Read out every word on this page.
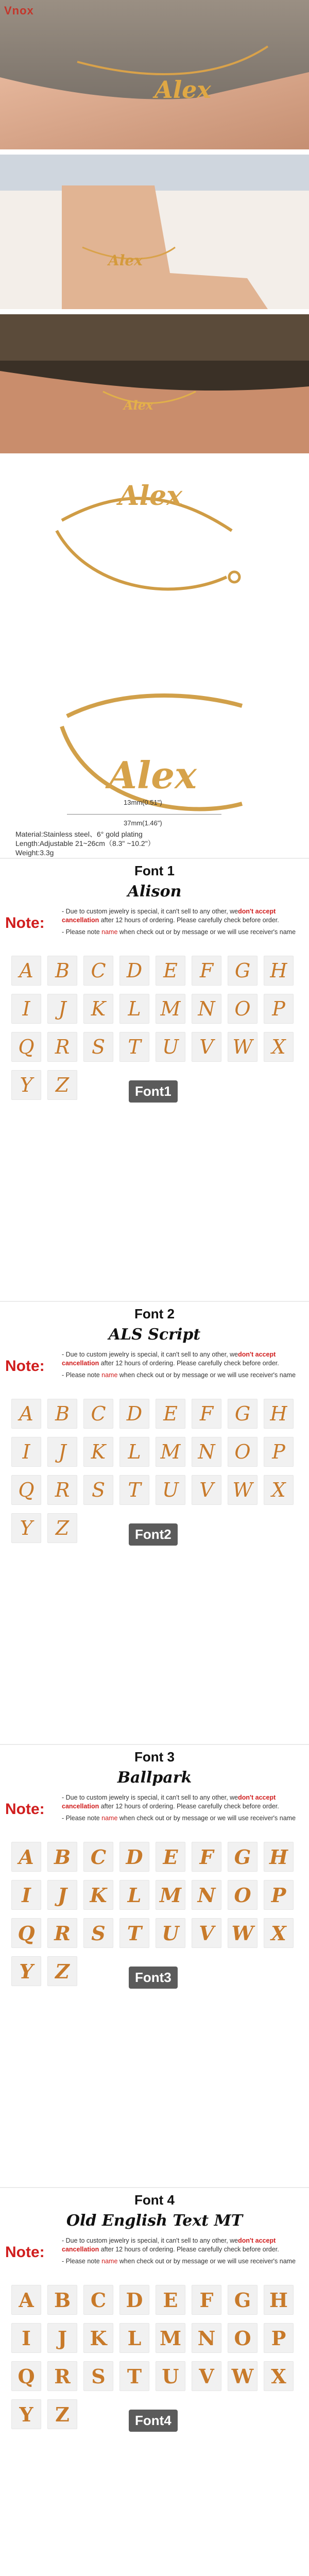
Alex
Vnox
Alex
Alex
Alex
Alex
13mm(0.51")
37mm(1.46")
Material:Stainless steel、6° gold plating
Length:Adjustable 21~26cm（8.3" ~10.2"）
Weight:3.3g
Font 1
Alison
Note:
- Due to custom jewelry is special, it can't sell to any other, wedon't accept cancellation after 12 hours of ordering. Please carefully check before order.
- Please note name when check out or by message or we will use receiver's name
A	B	C	D	E	F	G	H
I	J	K	L M N O	P
Q	R	S	T	U	V W X
Y	Z	Font1
Font 2
ALS Script
Note:
- Due to custom jewelry is special, it can't sell to any other, wedon't accept cancellation after 12 hours of ordering. Please carefully check before order.
- Please note name when check out or by message or we will use receiver's name
A	B	C	D	E	F	G	H
I	J	K	L M N O	P
Q	R	S	T	U	V W X
Y	Z	Font2
Font 3
Ballpark
Note:
- Due to custom jewelry is special, it can't sell to any other, wedon't accept cancellation after 12 hours of ordering. Please carefully check before order.
- Please note name when check out or by message or we will use receiver's name
A	B	C	D	E	F	G H
I	J	K	L M N O	P
Q R	S	T	U	V W X
Y	Z	Font3
Font 4
Old English Text MT
Note:
- Due to custom jewelry is special, it can't sell to any other, wedon't accept cancellation after 12 hours of ordering. Please carefully check before order.
- Please note name when check out or by message or we will use receiver's name
A	B	C	D	E	F	G H
I	J	K	L M N O	P
Q R	S	T	U	V W X
Y	Z	Font4
